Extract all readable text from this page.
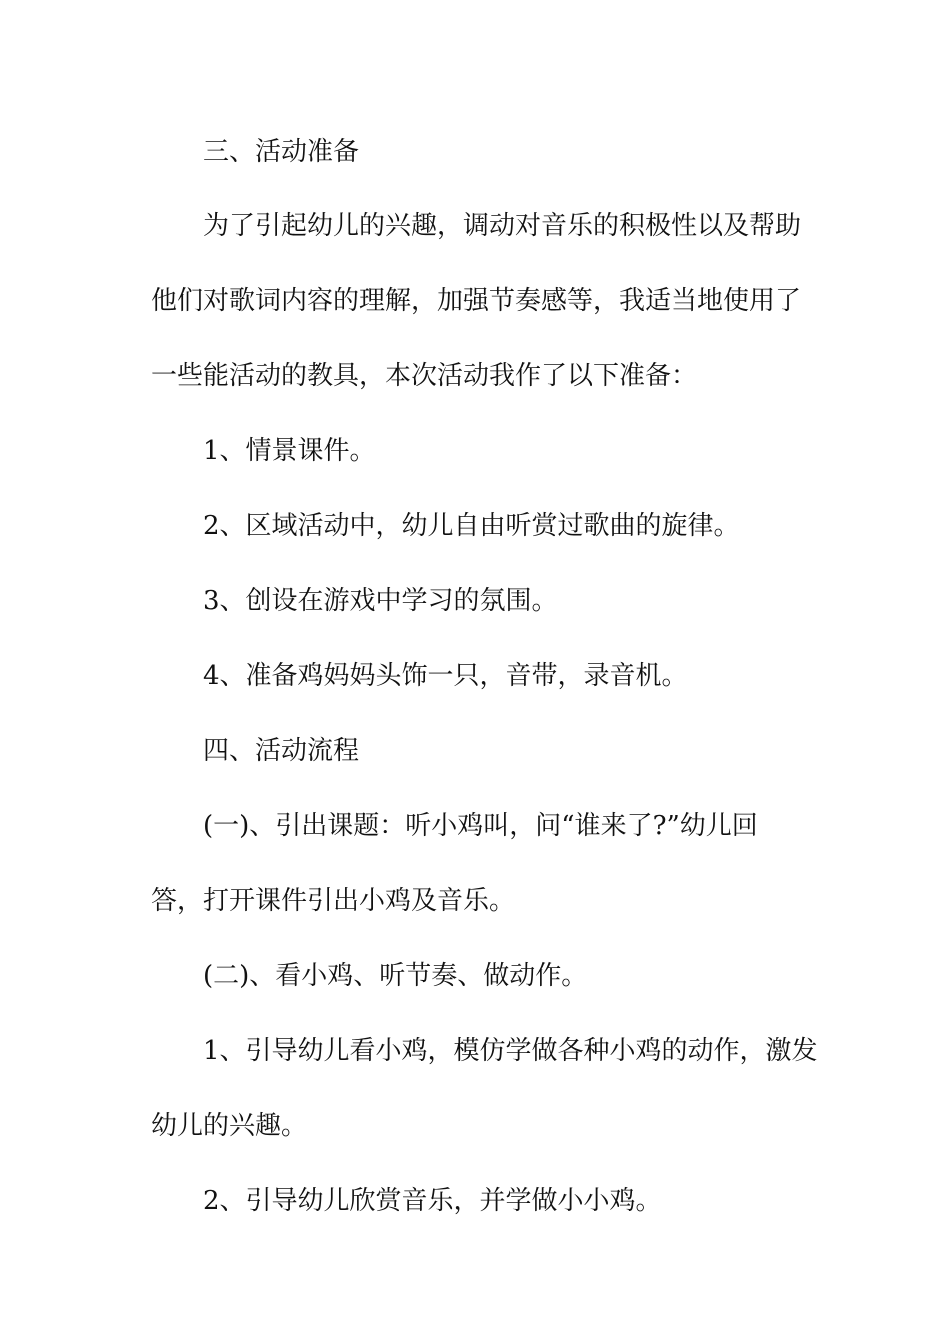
三、活动准备
为了引起幼儿的兴趣，调动对音乐的积极性以及帮助
他们对歌词内容的理解，加强节奏感等，我适当地使用了
一些能活动的教具，本次活动我作了以下准备：
1、情景课件。
2、区域活动中，幼儿自由听赏过歌曲的旋律。
3、创设在游戏中学习的氛围。
4、准备鸡妈妈头饰一只，音带，录音机。
四、活动流程
(一)、引出课题：听小鸡叫，问“谁来了?”幼儿回
答，打开课件引出小鸡及音乐。
(二)、看小鸡、听节奏、做动作。
1、引导幼儿看小鸡，模仿学做各种小鸡的动作，激发
幼儿的兴趣。
2、引导幼儿欣赏音乐，并学做小小鸡。
